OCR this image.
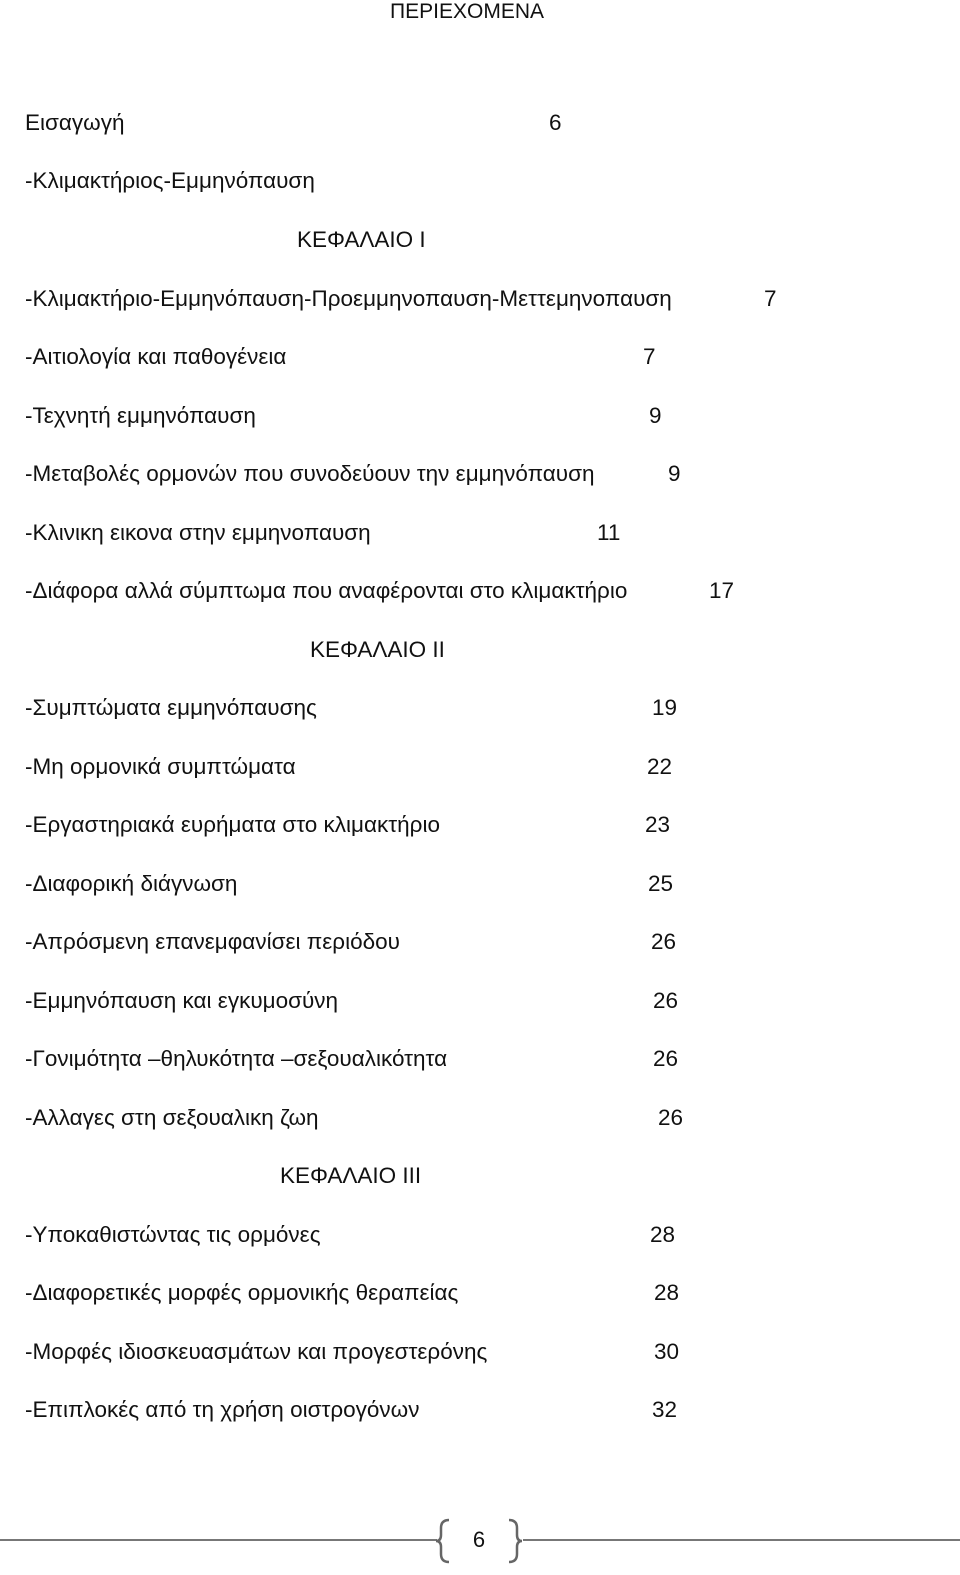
ΠΕΡΙΕΧΟΜΕΝΑ
Εισαγωγή	6
-Κλιμακτήριος-Εμμηνόπαυση
ΚΕΦΑΛΑΙΟ Ι
-Κλιμακτήριο-Εμμηνόπαυση-Προεμμηνοπαυση-Μεττεμηνοπαυση	7
-Αιτιολογία και παθογένεια	7
-Τεχνητή εμμηνόπαυση	9
-Μεταβολές ορμονών που συνοδεύουν την εμμηνόπαυση	9
-Κλινικη εικονα στην εμμηνοπαυση	11
-Διάφορα αλλά σύμπτωμα που αναφέρονται στο κλιμακτήριο	17
ΚΕΦΑΛΑΙΟ ΙΙ
-Συμπτώματα εμμηνόπαυσης	19
-Μη ορμονικά συμπτώματα	22
-Εργαστηριακά ευρήματα στο κλιμακτήριο	23
-Διαφορική διάγνωση	25
-Απρόσμενη επανεμφανίσει περιόδου	26
-Εμμηνόπαυση και εγκυμοσύνη	26
-Γονιμότητα –θηλυκότητα –σεξουαλικότητα	26
-Αλλαγες στη σεξουαλικη ζωη	26
ΚΕΦΑΛΑΙΟ ΙΙΙ
-Υποκαθιστώντας τις ορμόνες	28
-Διαφορετικές μορφές ορμονικής θεραπείας	28
-Μορφές ιδιοσκευασμάτων και προγεστερόνης	30
-Επιπλοκές από τη χρήση οιστρογόνων	32
6
